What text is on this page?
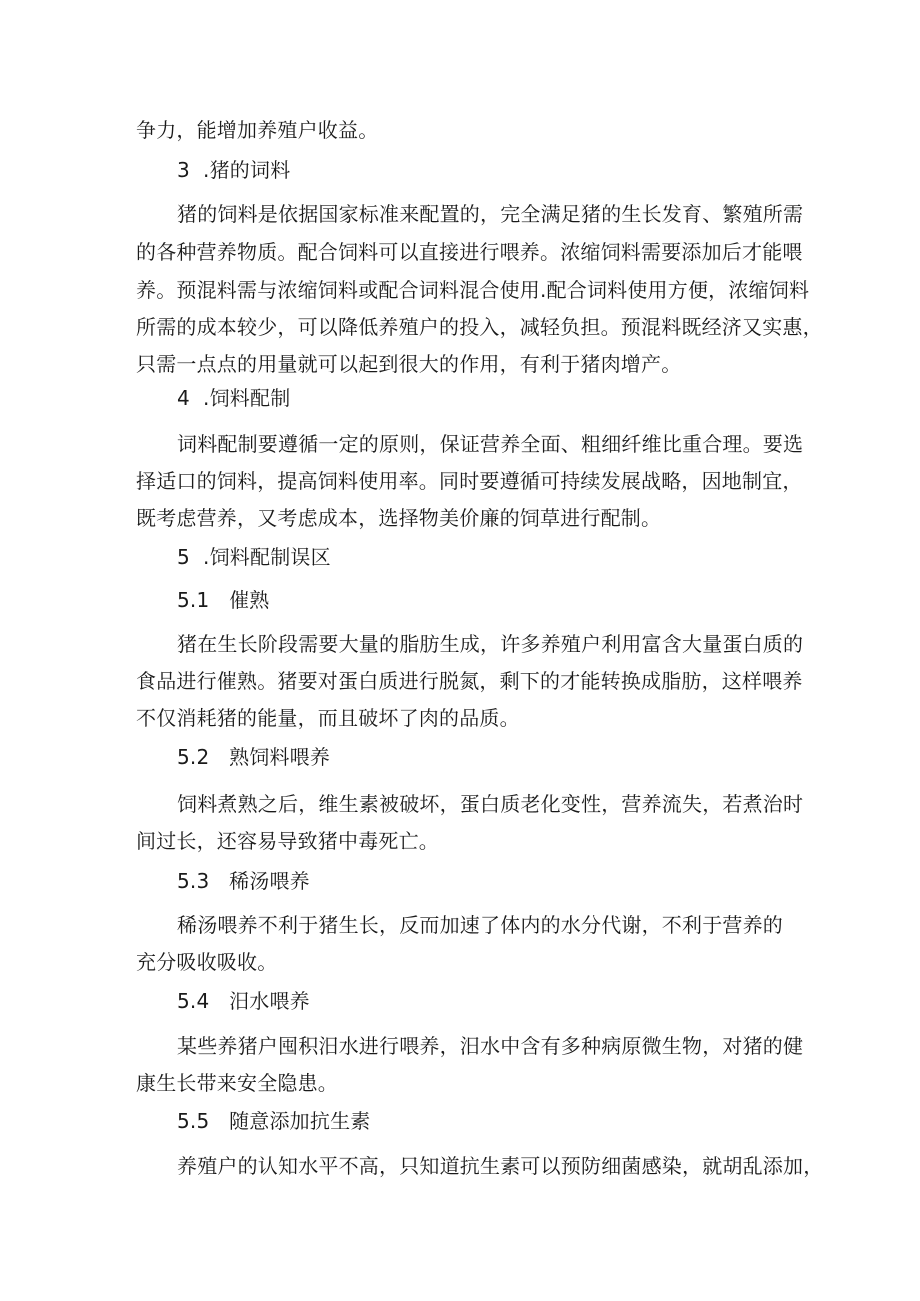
争力，能增加养殖户收益。
3  .猪的词料
猪的饲料是依据国家标准来配置的，完全满足猪的生长发育、繁殖所需
的各种营养物质。配合饲料可以直接进行喂养。浓缩饲料需要添加后才能喂
养。预混料需与浓缩饲料或配合词料混合使用.配合词料使用方便，浓缩饲料
所需的成本较少，可以降低养殖户的投入，减轻负担。预混料既经济又实惠，
只需一点点的用量就可以起到很大的作用，有利于猪肉增产。
4  .饲料配制
词料配制要遵循一定的原则，保证营养全面、粗细纤维比重合理。要选
择适口的饲料，提高饲料使用率。同时要遵循可持续发展战略，因地制宜，
既考虑营养，又考虑成本，选择物美价廉的饲草进行配制。
5  .饲料配制误区
5.1   催熟
猪在生长阶段需要大量的脂肪生成，许多养殖户利用富含大量蛋白质的
食品进行催熟。猪要对蛋白质进行脱氮，剩下的才能转换成脂肪，这样喂养
不仅消耗猪的能量，而且破坏了肉的品质。
5.2   熟饲料喂养
饲料煮熟之后，维生素被破坏，蛋白质老化变性，营养流失，若煮治时
间过长，还容易导致猪中毒死亡。
5.3   稀汤喂养
稀汤喂养不利于猪生长，反而加速了体内的水分代谢，不利于营养的
充分吸收吸收。
5.4   汨水喂养
某些养猪户囤积汨水进行喂养，汨水中含有多种病原微生物，对猪的健
康生长带来安全隐患。
5.5   随意添加抗生素
养殖户的认知水平不高，只知道抗生素可以预防细菌感染，就胡乱添加，
